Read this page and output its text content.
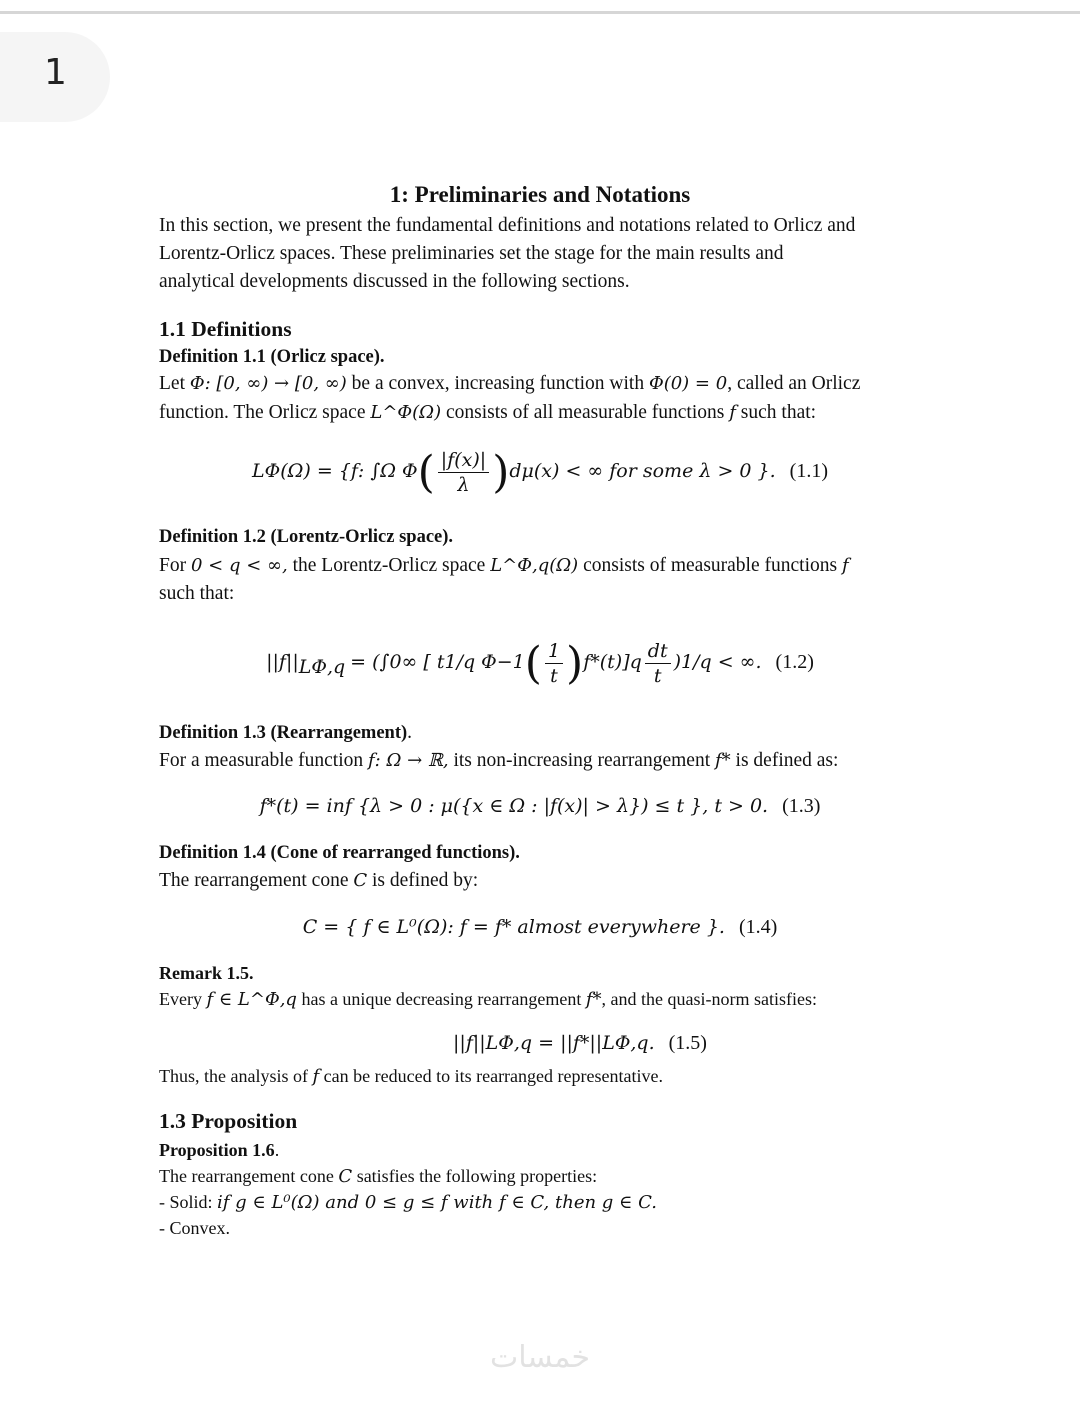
1
1: Preliminaries and Notations
In this section, we present the fundamental definitions and notations related to Orlicz and
Lorentz-Orlicz spaces. These preliminaries set the stage for the main results and
analytical developments discussed in the following sections.
1.1 Definitions
Definition 1.1 (Orlicz space).
Let Φ: [0, ∞) → [0, ∞) be a convex, increasing function with Φ(0) = 0, called an Orlicz
function. The Orlicz space L^Φ(Ω) consists of all measurable functions f such that:
LΦ(Ω) = {f: ∫Ω $\Phi( \frac{|f(x)|}{\lambda} )d\mu(x)$ < ∞ for some λ > 0 }. (1.1)
Definition 1.2 (Lorentz-Orlicz space).
For 0 < q < ∞, the Lorentz-Orlicz space L^Φ,q(Ω) consists of measurable functions f
such that:
$||f||_{L\Phi,q} = (\int 0\infty$ [ t1/q $\Phi-1( \frac{1}{t} )f*(t)]q \frac{dt}{t} )1/q$ < ∞. (1.2)
Definition 1.3 (Rearrangement).
For a measurable function f: Ω → ℝ, its non-increasing rearrangement f* is defined as:
f*(t) = inf {λ > 0 : μ({x ∈ Ω : |f(x)| > λ}) ≤ t }, t > 0. (1.3)
Definition 1.4 (Cone of rearranged functions).
The rearrangement cone C is defined by:
C = { f ∈ L⁰(Ω): f = f* almost everywhere }. (1.4)
Remark 1.5.
Every f ∈ L^Φ,q has a unique decreasing rearrangement f*, and the quasi-norm satisfies:
||f||LΦ,q = ||f*||LΦ,q. (1.5)
Thus, the analysis of f can be reduced to its rearranged representative.
1.3 Proposition
Proposition 1.6.
The rearrangement cone C satisfies the following properties:
- Solid: if g ∈ L⁰(Ω) and 0 ≤ g ≤ f with f ∈ C, then g ∈ C.
- Convex.
خمسات
